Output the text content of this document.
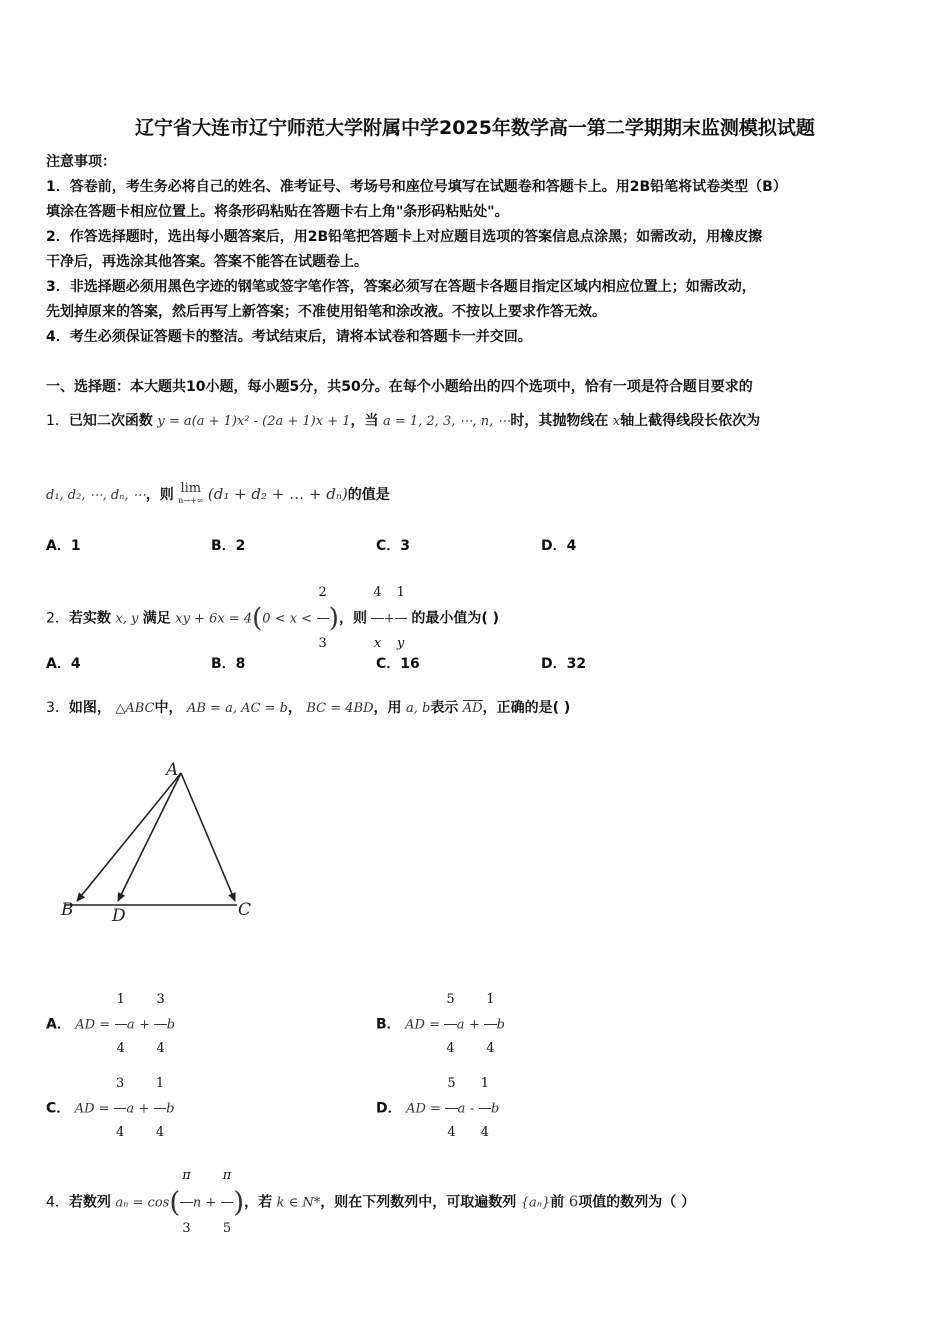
辽宁省大连市辽宁师范大学附属中学2025年数学高一第二学期期末监测模拟试题
注意事项：
1．答卷前，考生务必将自己的姓名、准考证号、考场号和座位号填写在试题卷和答题卡上。用2B铅笔将试卷类型（B）
填涂在答题卡相应位置上。将条形码粘贴在答题卡右上角"条形码粘贴处"。
2．作答选择题时，选出每小题答案后，用2B铅笔把答题卡上对应题目选项的答案信息点涂黑；如需改动，用橡皮擦
干净后，再选涂其他答案。答案不能答在试题卷上。
3．非选择题必须用黑色字迹的钢笔或签字笔作答，答案必须写在答题卡各题目指定区域内相应位置上；如需改动，
先划掉原来的答案，然后再写上新答案；不准使用铅笔和涂改液。不按以上要求作答无效。
4．考生必须保证答题卡的整洁。考试结束后，请将本试卷和答题卡一并交回。
一、选择题：本大题共10小题，每小题5分，共50分。在每个小题给出的四个选项中，恰有一项是符合题目要求的
1．已知二次函数 y = a(a + 1)x² - (2a + 1)x + 1，当 a = 1, 2, 3, ⋯, n, ⋯时，其抛物线在 x轴上截得线段长依次为
d₁, d₂, ⋯, dₙ, ⋯，则 lim
n→+∞ (d₁ + d₂ + … + dₙ)的值是
A．1	B．2	C．3	D．4
2．若实数 x, y 满足 xy + $6x = 4(0 < x < \frac{2}{3}$ )，则 $\frac{4}{x} + \frac{1}{y}$ 的最小值为( )
A．4	B．8	C．16	D．32
3．如图， △ABC中， AB = a, AC = b， BC = 4BD，用 a, b表示 AD，正确的是( )
A
B D	C
A． AD = $\frac{1}{4}$ $a + \frac{3}{4}$ b	B． AD = $\frac{5}{4}$ $a + \frac{1}{4}$ b
C． AD = $\frac{3}{4}$ $a + \frac{1}{4}$ b	D． AD = $\frac{5}{4}$ a - $\frac{1}{4}$ b
4．若数列 $a_n = \cos( \frac{\pi}{3}$ $n + \frac{\pi}{5}$ )，若 k ∈ N*，则在下列数列中，可取遍数列 {aₙ}前 6项值的数列为（ ）
